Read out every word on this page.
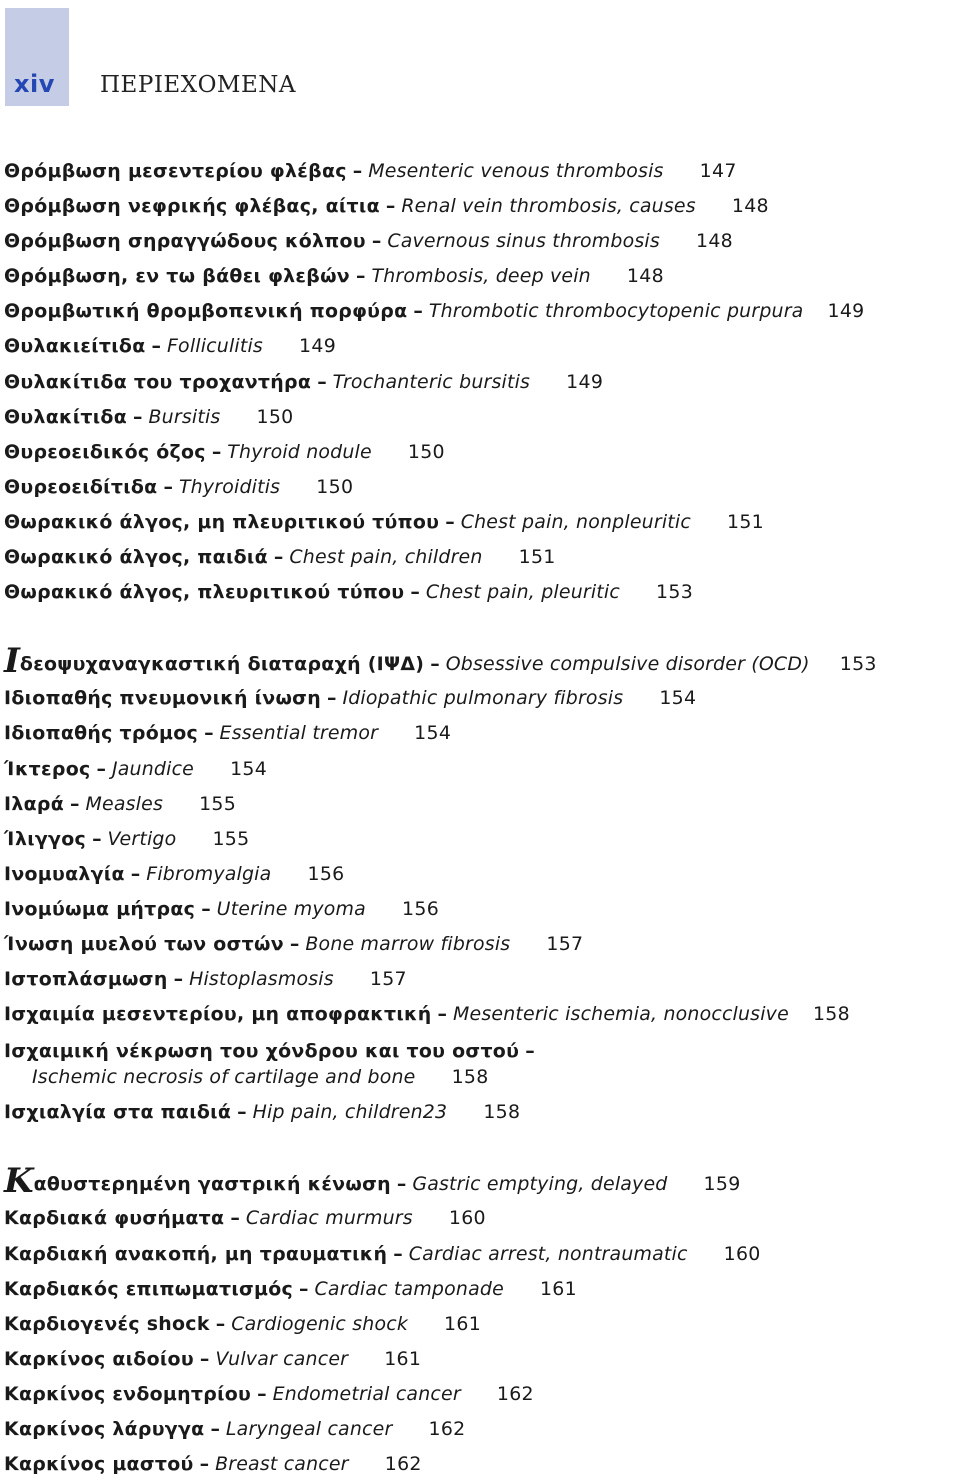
xiv ΠΕΡΙΕΧΟΜΕΝΑ
Θρόμβωση μεσεντερίου φλέβας – Mesenteric venous thrombosis 147
Θρόμβωση νεφρικής φλέβας, αίτια – Renal vein thrombosis, causes 148
Θρόμβωση σηραγγώδους κόλπου – Cavernous sinus thrombosis 148
Θρόμβωση, εν τω βάθει φλεβών – Thrombosis, deep vein 148
Θρομβωτική θρομβοπενική πορφύρα – Thrombotic thrombocytopenic purpura 149
Θυλακιείτιδα – Folliculitis 149
Θυλακίτιδα του τροχαντήρα – Trochanteric bursitis 149
Θυλακίτιδα – Bursitis 150
Θυρεοειδικός όζος – Thyroid nodule 150
Θυρεοειδίτιδα – Thyroiditis 150
Θωρακικό άλγος, μη πλευριτικού τύπου – Chest pain, nonpleuritic 151
Θωρακικό άλγος, παιδιά – Chest pain, children 151
Θωρακικό άλγος, πλευριτικού τύπου – Chest pain, pleuritic 153
Ιδεοψυχαναγκαστική διαταραχή (ΙΨΔ) – Obsessive compulsive disorder (OCD) 153
Ιδιοπαθής πνευμονική ίνωση – Idiopathic pulmonary fibrosis 154
Ιδιοπαθής τρόμος – Essential tremor 154
Ίκτερος – Jaundice 154
Ιλαρά – Measles 155
Ίλιγγος – Vertigo 155
Ινομυαλγία – Fibromyalgia 156
Ινομύωμα μήτρας – Uterine myoma 156
Ίνωση μυελού των οστών – Bone marrow fibrosis 157
Ιστοπλάσμωση – Histoplasmosis 157
Ισχαιμία μεσεντερίου, μη αποφρακτική – Mesenteric ischemia, nonocclusive 158
Ισχαιμική νέκρωση του χόνδρου και του οστού –
Ischemic necrosis of cartilage and bone 158
Ισχιαλγία στα παιδιά – Hip pain, children23 158
Καθυστερημένη γαστρική κένωση – Gastric emptying, delayed 159
Καρδιακά φυσήματα – Cardiac murmurs 160
Καρδιακή ανακοπή, μη τραυματική – Cardiac arrest, nontraumatic 160
Καρδιακός επιπωματισμός – Cardiac tamponade 161
Καρδιογενές shock – Cardiogenic shock 161
Καρκίνος αιδοίου – Vulvar cancer 161
Καρκίνος ενδομητρίου – Endometrial cancer 162
Καρκίνος λάρυγγα – Laryngeal cancer 162
Καρκίνος μαστού – Breast cancer 162
